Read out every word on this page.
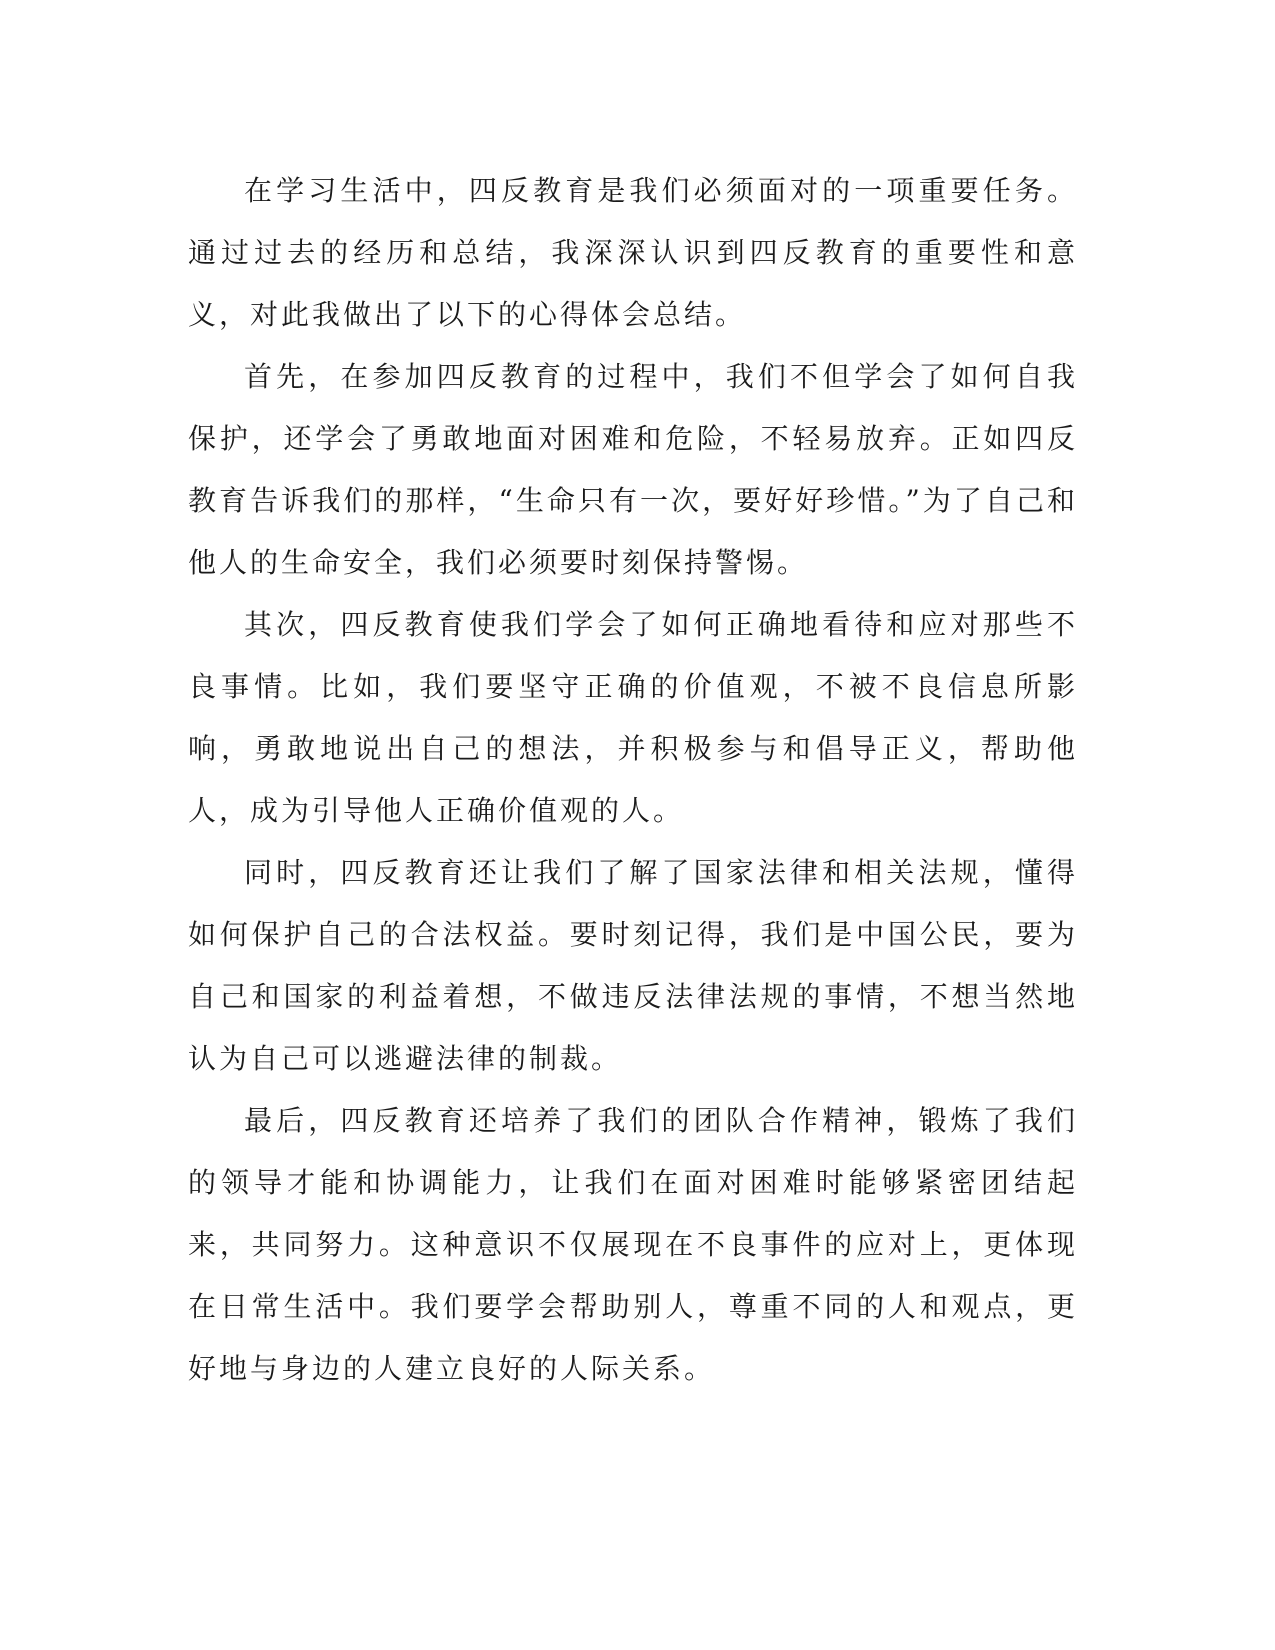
在学习生活中，四反教育是我们必须面对的一项重要任务。通过过去的经历和总结，我深深认识到四反教育的重要性和意义，对此我做出了以下的心得体会总结。

首先，在参加四反教育的过程中，我们不但学会了如何自我保护，还学会了勇敢地面对困难和危险，不轻易放弃。正如四反教育告诉我们的那样，“生命只有一次，要好好珍惜。”为了自己和他人的生命安全，我们必须要时刻保持警惕。

其次，四反教育使我们学会了如何正确地看待和应对那些不良事情。比如，我们要坚守正确的价值观，不被不良信息所影响，勇敢地说出自己的想法，并积极参与和倡导正义，帮助他人，成为引导他人正确价值观的人。

同时，四反教育还让我们了解了国家法律和相关法规，懂得如何保护自己的合法权益。要时刻记得，我们是中国公民，要为自己和国家的利益着想，不做违反法律法规的事情，不想当然地认为自己可以逃避法律的制裁。

最后，四反教育还培养了我们的团队合作精神，锻炼了我们的领导才能和协调能力，让我们在面对困难时能够紧密团结起来，共同努力。这种意识不仅展现在不良事件的应对上，更体现在日常生活中。我们要学会帮助别人，尊重不同的人和观点，更好地与身边的人建立良好的人际关系。
